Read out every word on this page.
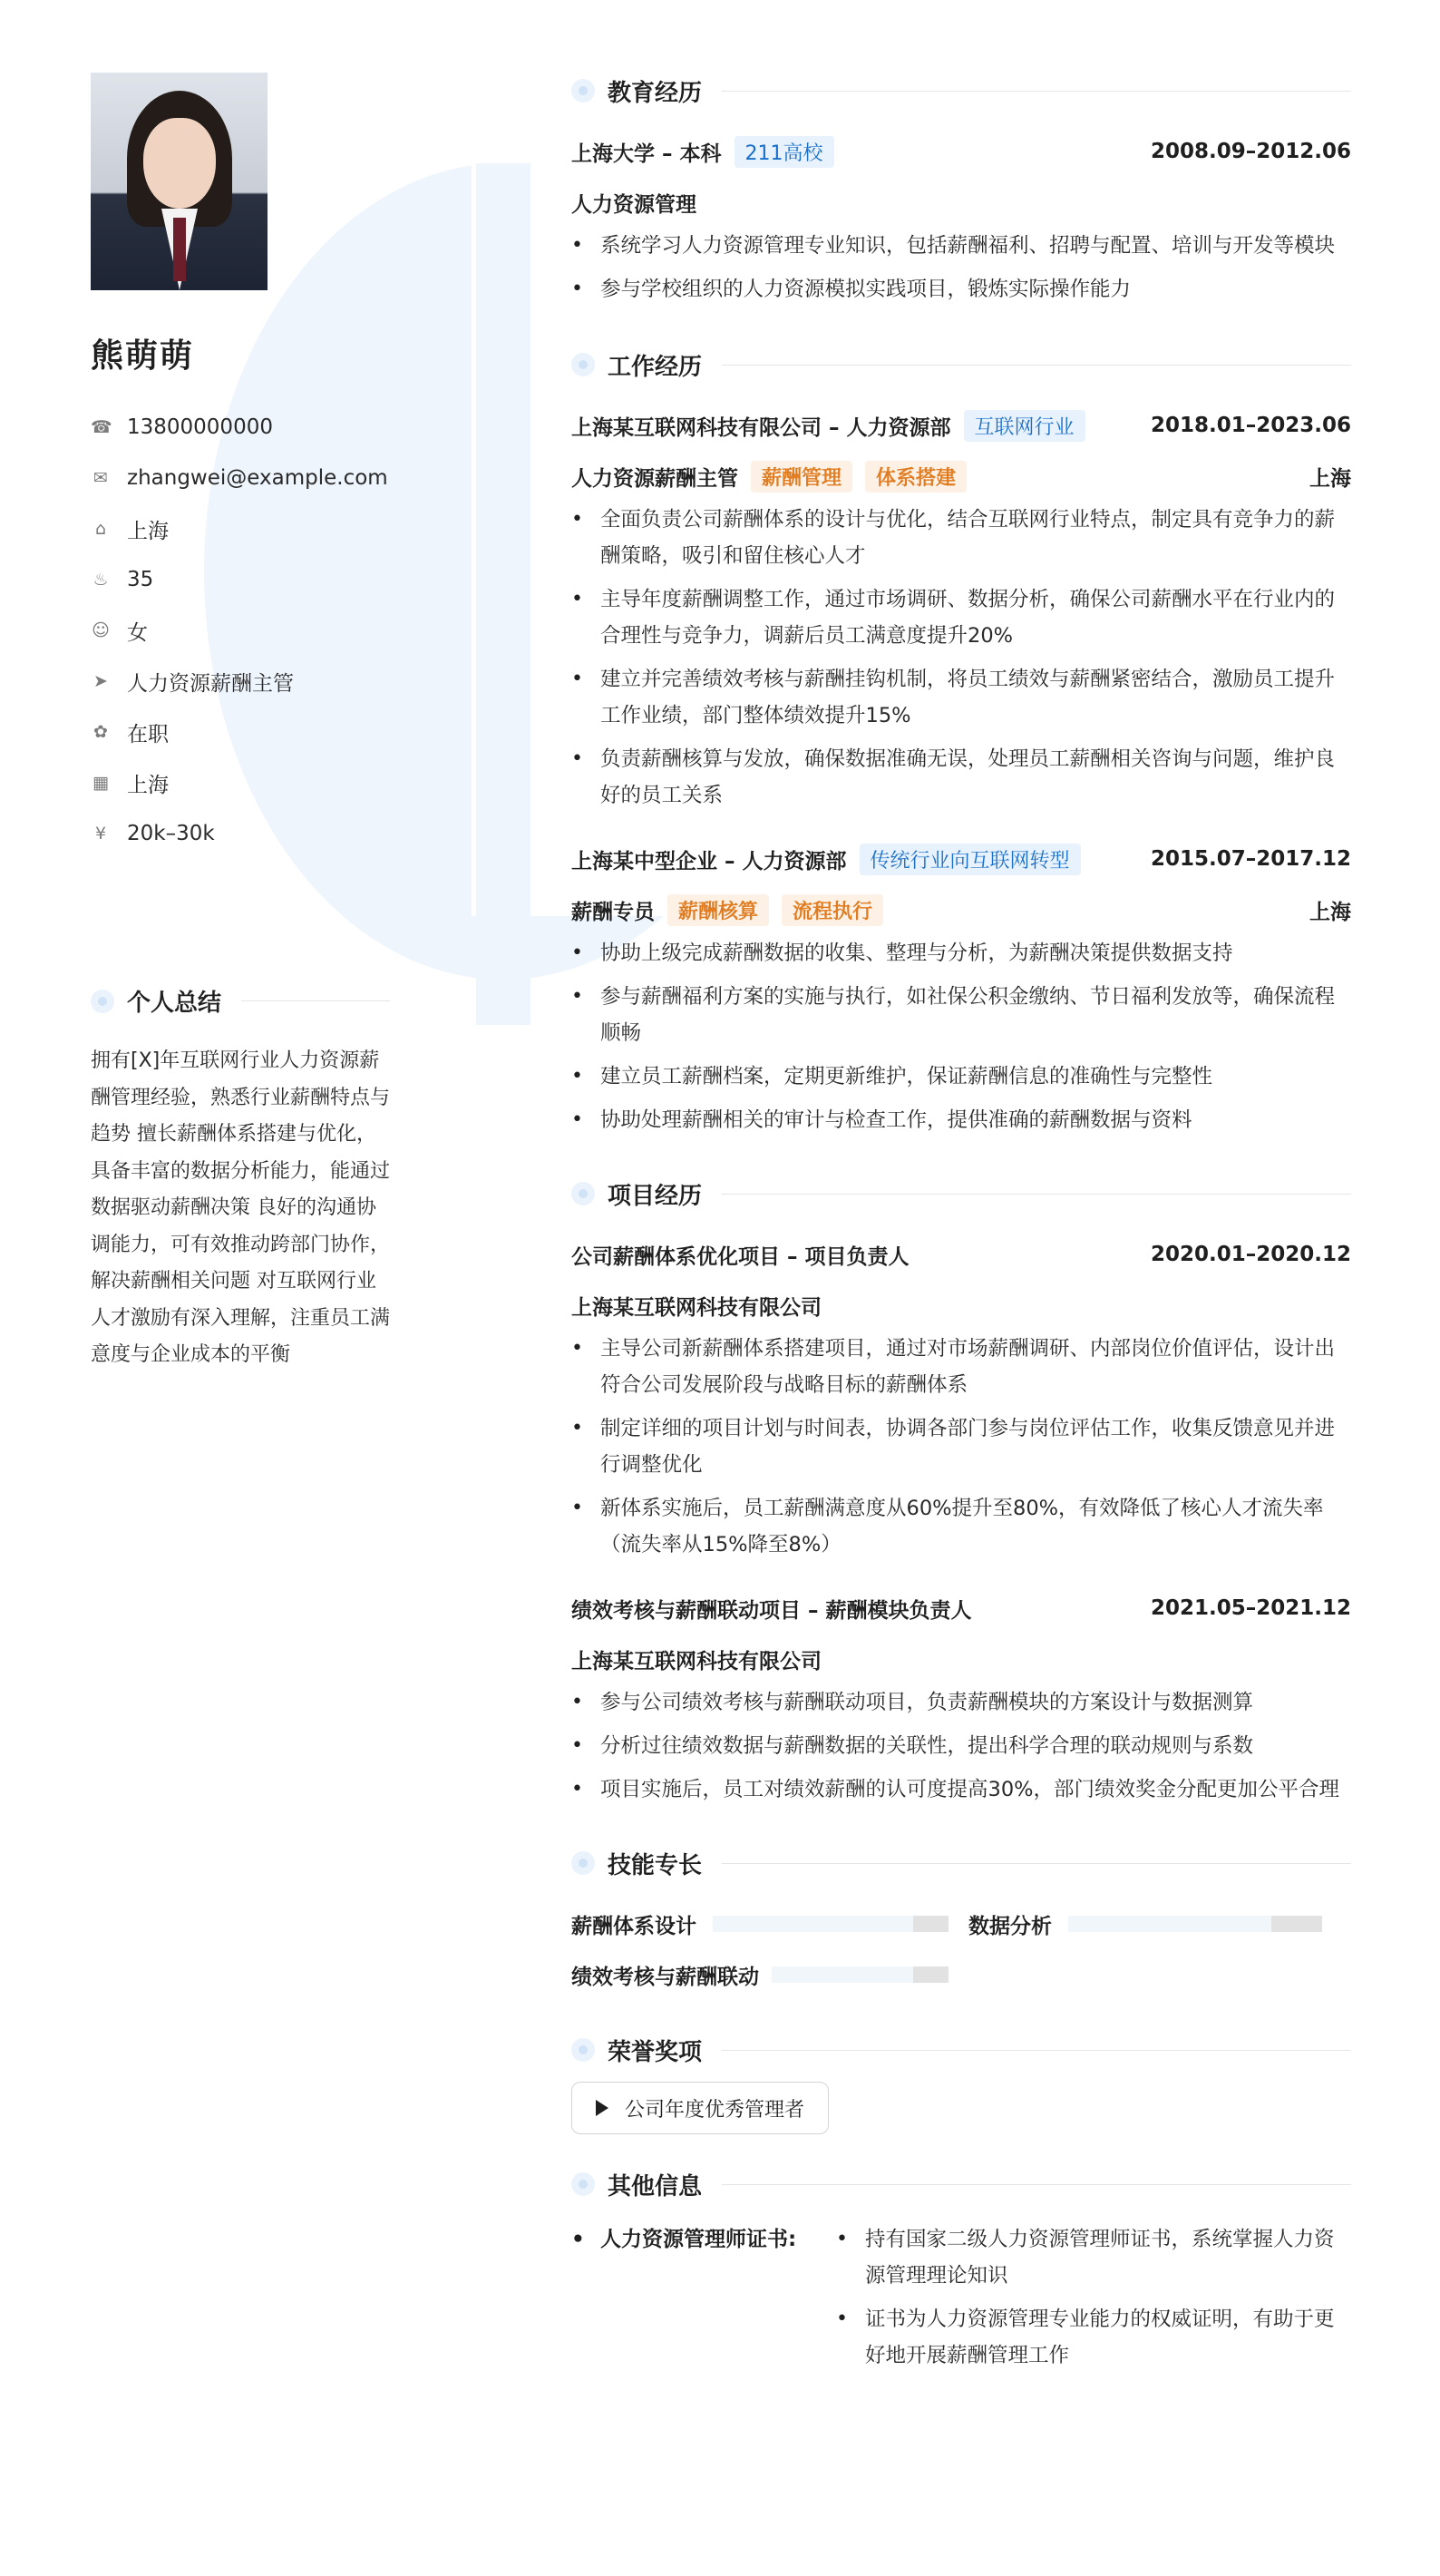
熊萌萌
☎ 13800000000
✉ zhangwei@example.com
⌂ 上海
♨ 35
☺ 女
➤ 人力资源薪酬主管
✿ 在职
▦ 上海
¥ 20k–30k
个人总结
拥有[X]年互联网行业人力资源薪酬管理经验，熟悉行业薪酬特点与趋势 擅长薪酬体系搭建与优化，具备丰富的数据分析能力，能通过数据驱动薪酬决策 良好的沟通协调能力，可有效推动跨部门协作，解决薪酬相关问题 对互联网行业人才激励有深入理解，注重员工满意度与企业成本的平衡
教育经历
上海大学 – 本科	211高校	2008.09–2012.06
人力资源管理
• 系统学习人力资源管理专业知识，包括薪酬福利、招聘与配置、培训与开发等模块
• 参与学校组织的人力资源模拟实践项目，锻炼实际操作能力
工作经历
上海某互联网科技有限公司 – 人力资源部	互联网行业	2018.01–2023.06
人力资源薪酬主管	薪酬管理	体系搭建	上海
• 全面负责公司薪酬体系的设计与优化，结合互联网行业特点，制定具有竞争力的薪酬策略，吸引和留住核心人才
• 主导年度薪酬调整工作，通过市场调研、数据分析，确保公司薪酬水平在行业内的合理性与竞争力，调薪后员工满意度提升20%
• 建立并完善绩效考核与薪酬挂钩机制，将员工绩效与薪酬紧密结合，激励员工提升工作业绩，部门整体绩效提升15%
• 负责薪酬核算与发放，确保数据准确无误，处理员工薪酬相关咨询与问题，维护良好的员工关系
上海某中型企业 – 人力资源部	传统行业向互联网转型	2015.07–2017.12
薪酬专员	薪酬核算	流程执行	上海
• 协助上级完成薪酬数据的收集、整理与分析，为薪酬决策提供数据支持
• 参与薪酬福利方案的实施与执行，如社保公积金缴纳、节日福利发放等，确保流程顺畅
• 建立员工薪酬档案，定期更新维护，保证薪酬信息的准确性与完整性
• 协助处理薪酬相关的审计与检查工作，提供准确的薪酬数据与资料
项目经历
公司薪酬体系优化项目 – 项目负责人	2020.01–2020.12
上海某互联网科技有限公司
• 主导公司新薪酬体系搭建项目，通过对市场薪酬调研、内部岗位价值评估，设计出符合公司发展阶段与战略目标的薪酬体系
• 制定详细的项目计划与时间表，协调各部门参与岗位评估工作，收集反馈意见并进行调整优化
• 新体系实施后，员工薪酬满意度从60%提升至80%，有效降低了核心人才流失率（流失率从15%降至8%）
绩效考核与薪酬联动项目 – 薪酬模块负责人	2021.05–2021.12
上海某互联网科技有限公司
• 参与公司绩效考核与薪酬联动项目，负责薪酬模块的方案设计与数据测算
• 分析过往绩效数据与薪酬数据的关联性，提出科学合理的联动规则与系数
• 项目实施后，员工对绩效薪酬的认可度提高30%，部门绩效奖金分配更加公平合理
技能专长
薪酬体系设计	数据分析
绩效考核与薪酬联动
荣誉奖项
公司年度优秀管理者
其他信息
• 人力资源管理师证书:
•	持有国家二级人力资源管理师证书，系统掌握人力资源管理理论知识
• 证书为人力资源管理专业能力的权威证明，有助于更好地开展薪酬管理工作
